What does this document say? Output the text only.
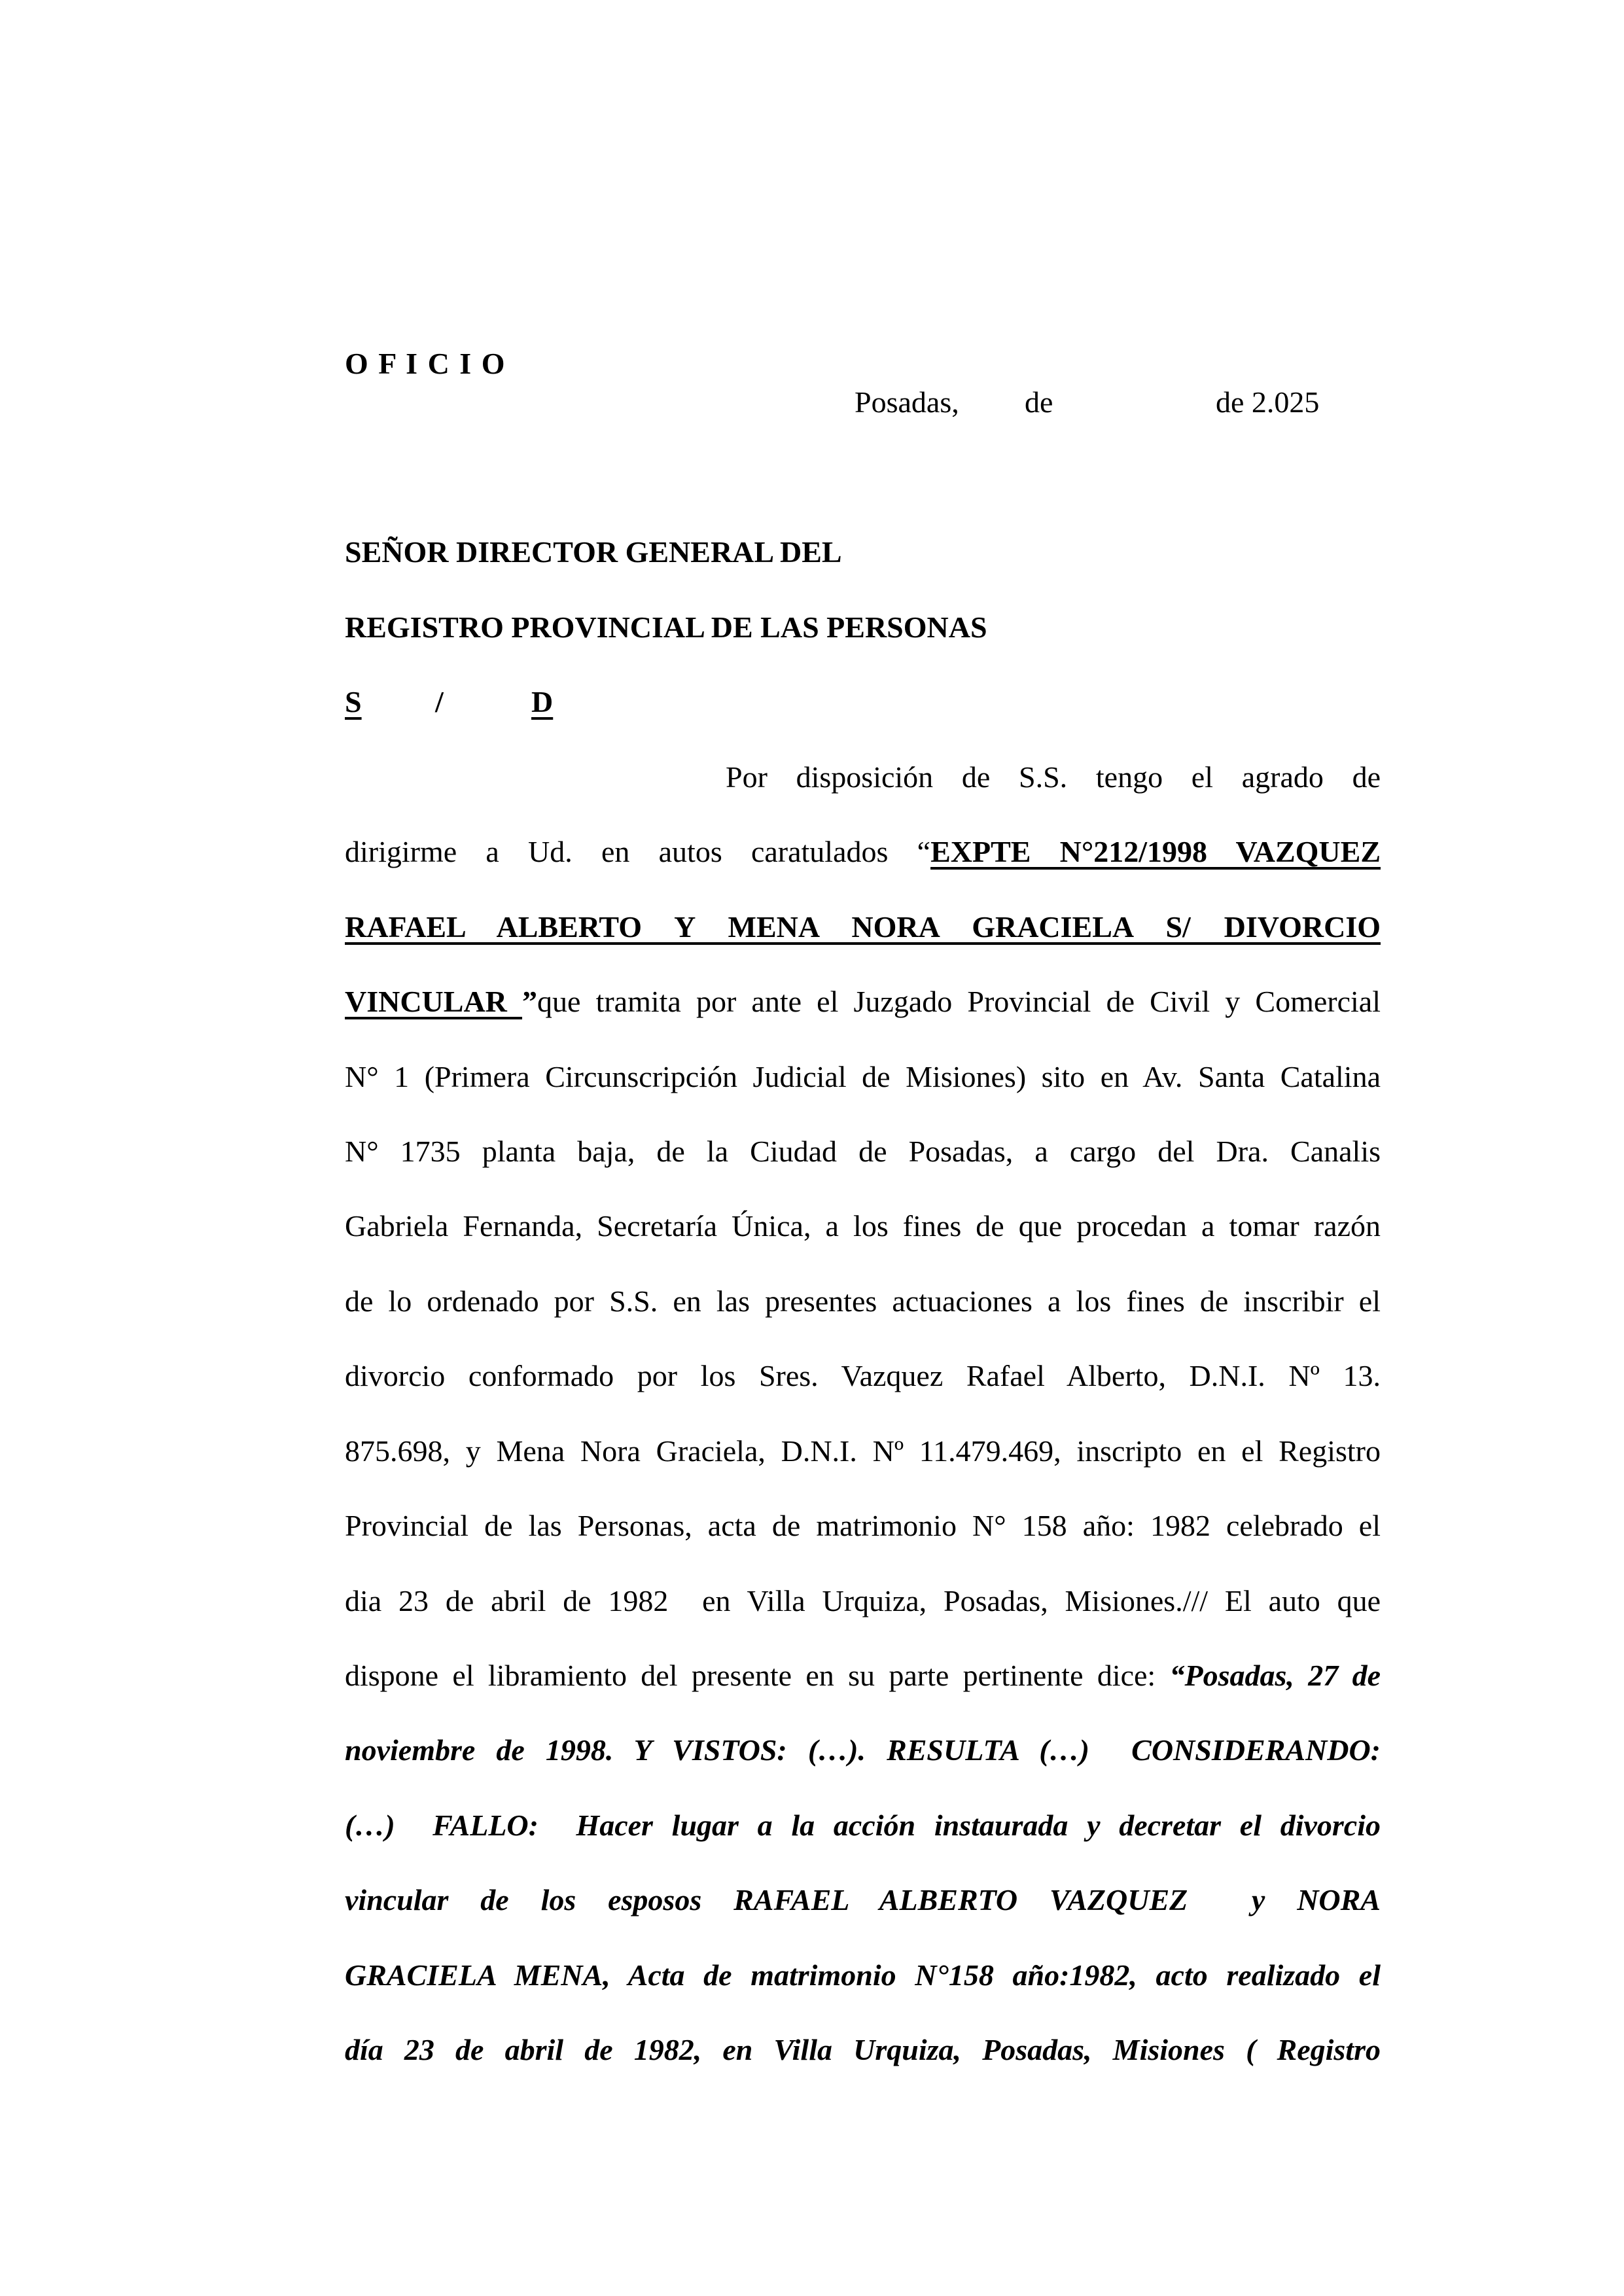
O F I C I O
Posadas, de	de 2.025
SEÑOR DIRECTOR GENERAL DEL
REGISTRO PROVINCIAL DE LAS PERSONAS
S	/	D
Por disposición de S.S. tengo el agrado de
dirigirme a Ud. en autos caratulados “EXPTE N°212/1998 VAZQUEZ
RAFAEL ALBERTO Y MENA NORA GRACIELA S/ DIVORCIO
VINCULAR ”que tramita por ante el Juzgado Provincial de Civil y Comercial
N° 1 (Primera Circunscripción Judicial de Misiones) sito en Av. Santa Catalina
N° 1735 planta baja, de la Ciudad de Posadas, a cargo del Dra. Canalis
Gabriela Fernanda, Secretaría Única, a los fines de que procedan a tomar razón
de lo ordenado por S.S. en las presentes actuaciones a los fines de inscribir el
divorcio conformado por los Sres. Vazquez Rafael Alberto, D.N.I. Nº 13.
875.698, y Mena Nora Graciela, D.N.I. Nº 11.479.469, inscripto en el Registro
Provincial de las Personas, acta de matrimonio N° 158 año: 1982 celebrado el
dia 23 de abril de 1982  en Villa Urquiza, Posadas, Misiones./// El auto que
dispone el libramiento del presente en su parte pertinente dice: “Posadas, 27 de
noviembre de 1998. Y VISTOS: (…). RESULTA (…)  CONSIDERANDO:
(…)  FALLO:  Hacer lugar a la acción instaurada y decretar el divorcio
vincular de los esposos RAFAEL ALBERTO VAZQUEZ  y NORA
GRACIELA MENA, Acta de matrimonio N°158 año:1982, acto realizado el
día 23 de abril de 1982, en Villa Urquiza, Posadas, Misiones ( Registro
